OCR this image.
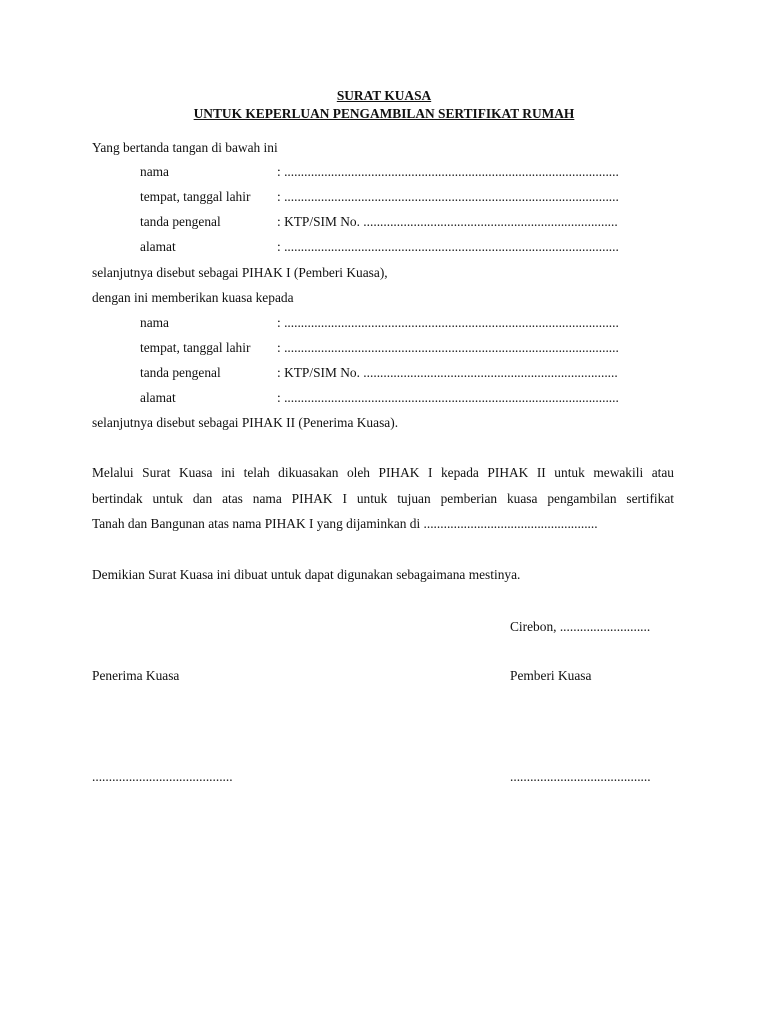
SURAT KUASA
UNTUK KEPERLUAN PENGAMBILAN SERTIFIKAT RUMAH
Yang bertanda tangan di bawah ini
nama	: ....................................................................................................
tempat, tanggal lahir : ....................................................................................................
tanda pengenal	: KTP/SIM No. ............................................................................
alamat	: ....................................................................................................
selanjutnya disebut sebagai PIHAK I (Pemberi Kuasa),
dengan ini memberikan kuasa kepada
nama	: ....................................................................................................
tempat, tanggal lahir : ....................................................................................................
tanda pengenal	: KTP/SIM No. ............................................................................
alamat	: ....................................................................................................
selanjutnya disebut sebagai PIHAK II (Penerima Kuasa).
Melalui Surat Kuasa ini telah dikuasakan oleh PIHAK I kepada PIHAK II untuk mewakili atau
bertindak untuk dan atas nama PIHAK I untuk tujuan pemberian kuasa pengambilan sertifikat
Tanah dan Bangunan atas nama PIHAK I yang dijaminkan di ....................................................
Demikian Surat Kuasa ini dibuat untuk dapat digunakan sebagaimana mestinya.
Cirebon, ...........................
Penerima Kuasa	Pemberi Kuasa
..........................................	..........................................
